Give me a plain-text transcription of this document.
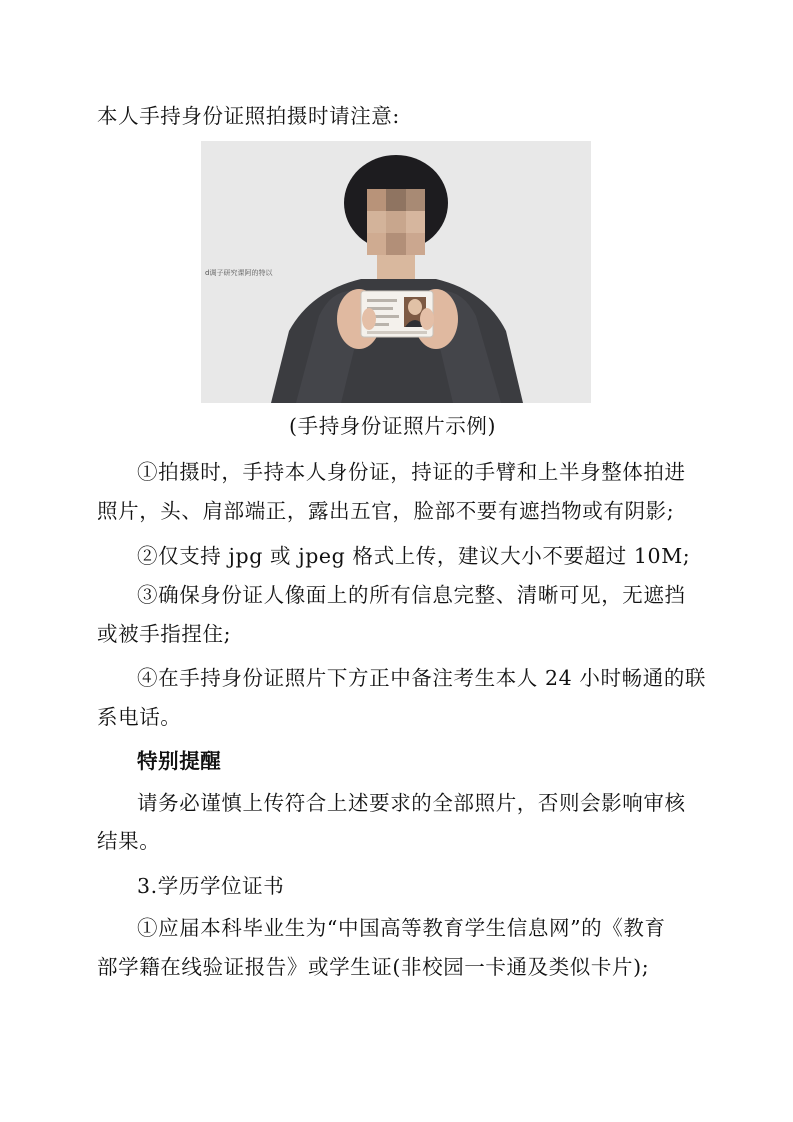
本人手持身份证照拍摄时请注意:
d调子研究课阿的特以
(手持身份证照片示例)
①拍摄时，手持本人身份证，持证的手臂和上半身整体拍进
照片，头、肩部端正，露出五官，脸部不要有遮挡物或有阴影;
②仅支持 jpg 或 jpeg 格式上传，建议大小不要超过 10M;
③确保身份证人像面上的所有信息完整、清晰可见，无遮挡
或被手指捏住;
④在手持身份证照片下方正中备注考生本人 24 小时畅通的联
系电话。
特别提醒
请务必谨慎上传符合上述要求的全部照片，否则会影响审核
结果。
3.学历学位证书
①应届本科毕业生为“中国高等教育学生信息网”的《教育
部学籍在线验证报告》或学生证(非校园一卡通及类似卡片);
